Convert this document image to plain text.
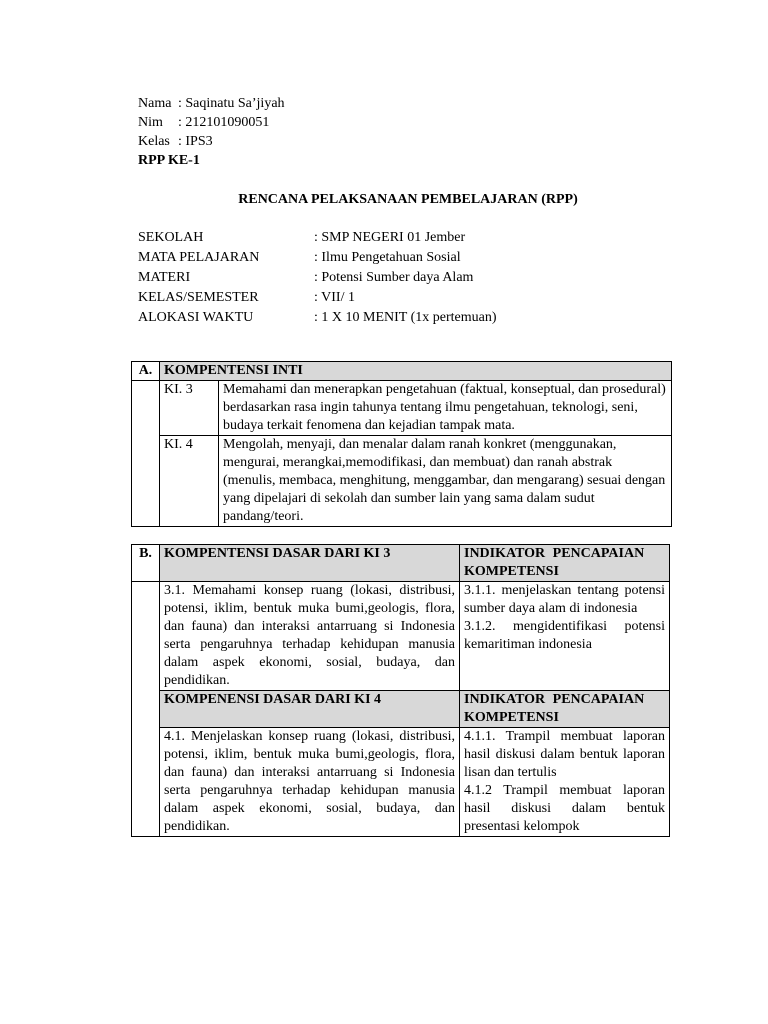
Nama : Saqinatu Sa’jiyah
Nim : 212101090051
Kelas : IPS3
RPP KE-1
RENCANA PELAKSANAAN PEMBELAJARAN (RPP)
SEKOLAH	: SMP NEGERI 01 Jember
MATA PELAJARAN	: Ilmu Pengetahuan Sosial
MATERI	: Potensi Sumber daya Alam
KELAS/SEMESTER	: VII/ 1
ALOKASI WAKTU	: 1 X 10 MENIT (1x pertemuan)
A.	KOMPENTENSI INTI	
	KI. 3	Memahami dan menerapkan pengetahuan (faktual, konseptual, dan prosedural) berdasarkan rasa ingin tahunya tentang ilmu pengetahuan, teknologi, seni, budaya terkait fenomena dan kejadian tampak mata.
	KI. 4	Mengolah, menyaji, dan menalar dalam ranah konkret (menggunakan, mengurai, merangkai,memodifikasi, dan membuat) dan ranah abstrak (menulis, membaca, menghitung, menggambar, dan mengarang) sesuai dengan yang dipelajari di sekolah dan sumber lain yang sama dalam sudut pandang/teori.
B.	KOMPENTENSI DASAR DARI KI 3	INDIKATOR PENCAPAIAN KOMPETENSI
	3.1. Memahami konsep ruang (lokasi, distribusi, potensi, iklim, bentuk muka bumi,geologis, flora, dan fauna) dan interaksi antarruang si Indonesia serta pengaruhnya terhadap kehidupan manusia dalam aspek ekonomi, sosial, budaya, dan pendidikan.	3.1.1. menjelaskan tentang potensi sumber daya alam di indonesia
3.1.2. mengidentifikasi potensi kemaritiman indonesia

	KOMPENENSI DASAR DARI KI 4	INDIKATOR PENCAPAIAN KOMPETENSI
	4.1. Menjelaskan konsep ruang (lokasi, distribusi, potensi, iklim, bentuk muka bumi,geologis, flora, dan fauna) dan interaksi antarruang si Indonesia serta pengaruhnya terhadap kehidupan manusia dalam aspek ekonomi, sosial, budaya, dan pendidikan.	4.1.1. Trampil membuat laporan hasil diskusi dalam bentuk laporan lisan dan tertulis
4.1.2 Trampil membuat laporan hasil diskusi dalam bentuk presentasi kelompok
